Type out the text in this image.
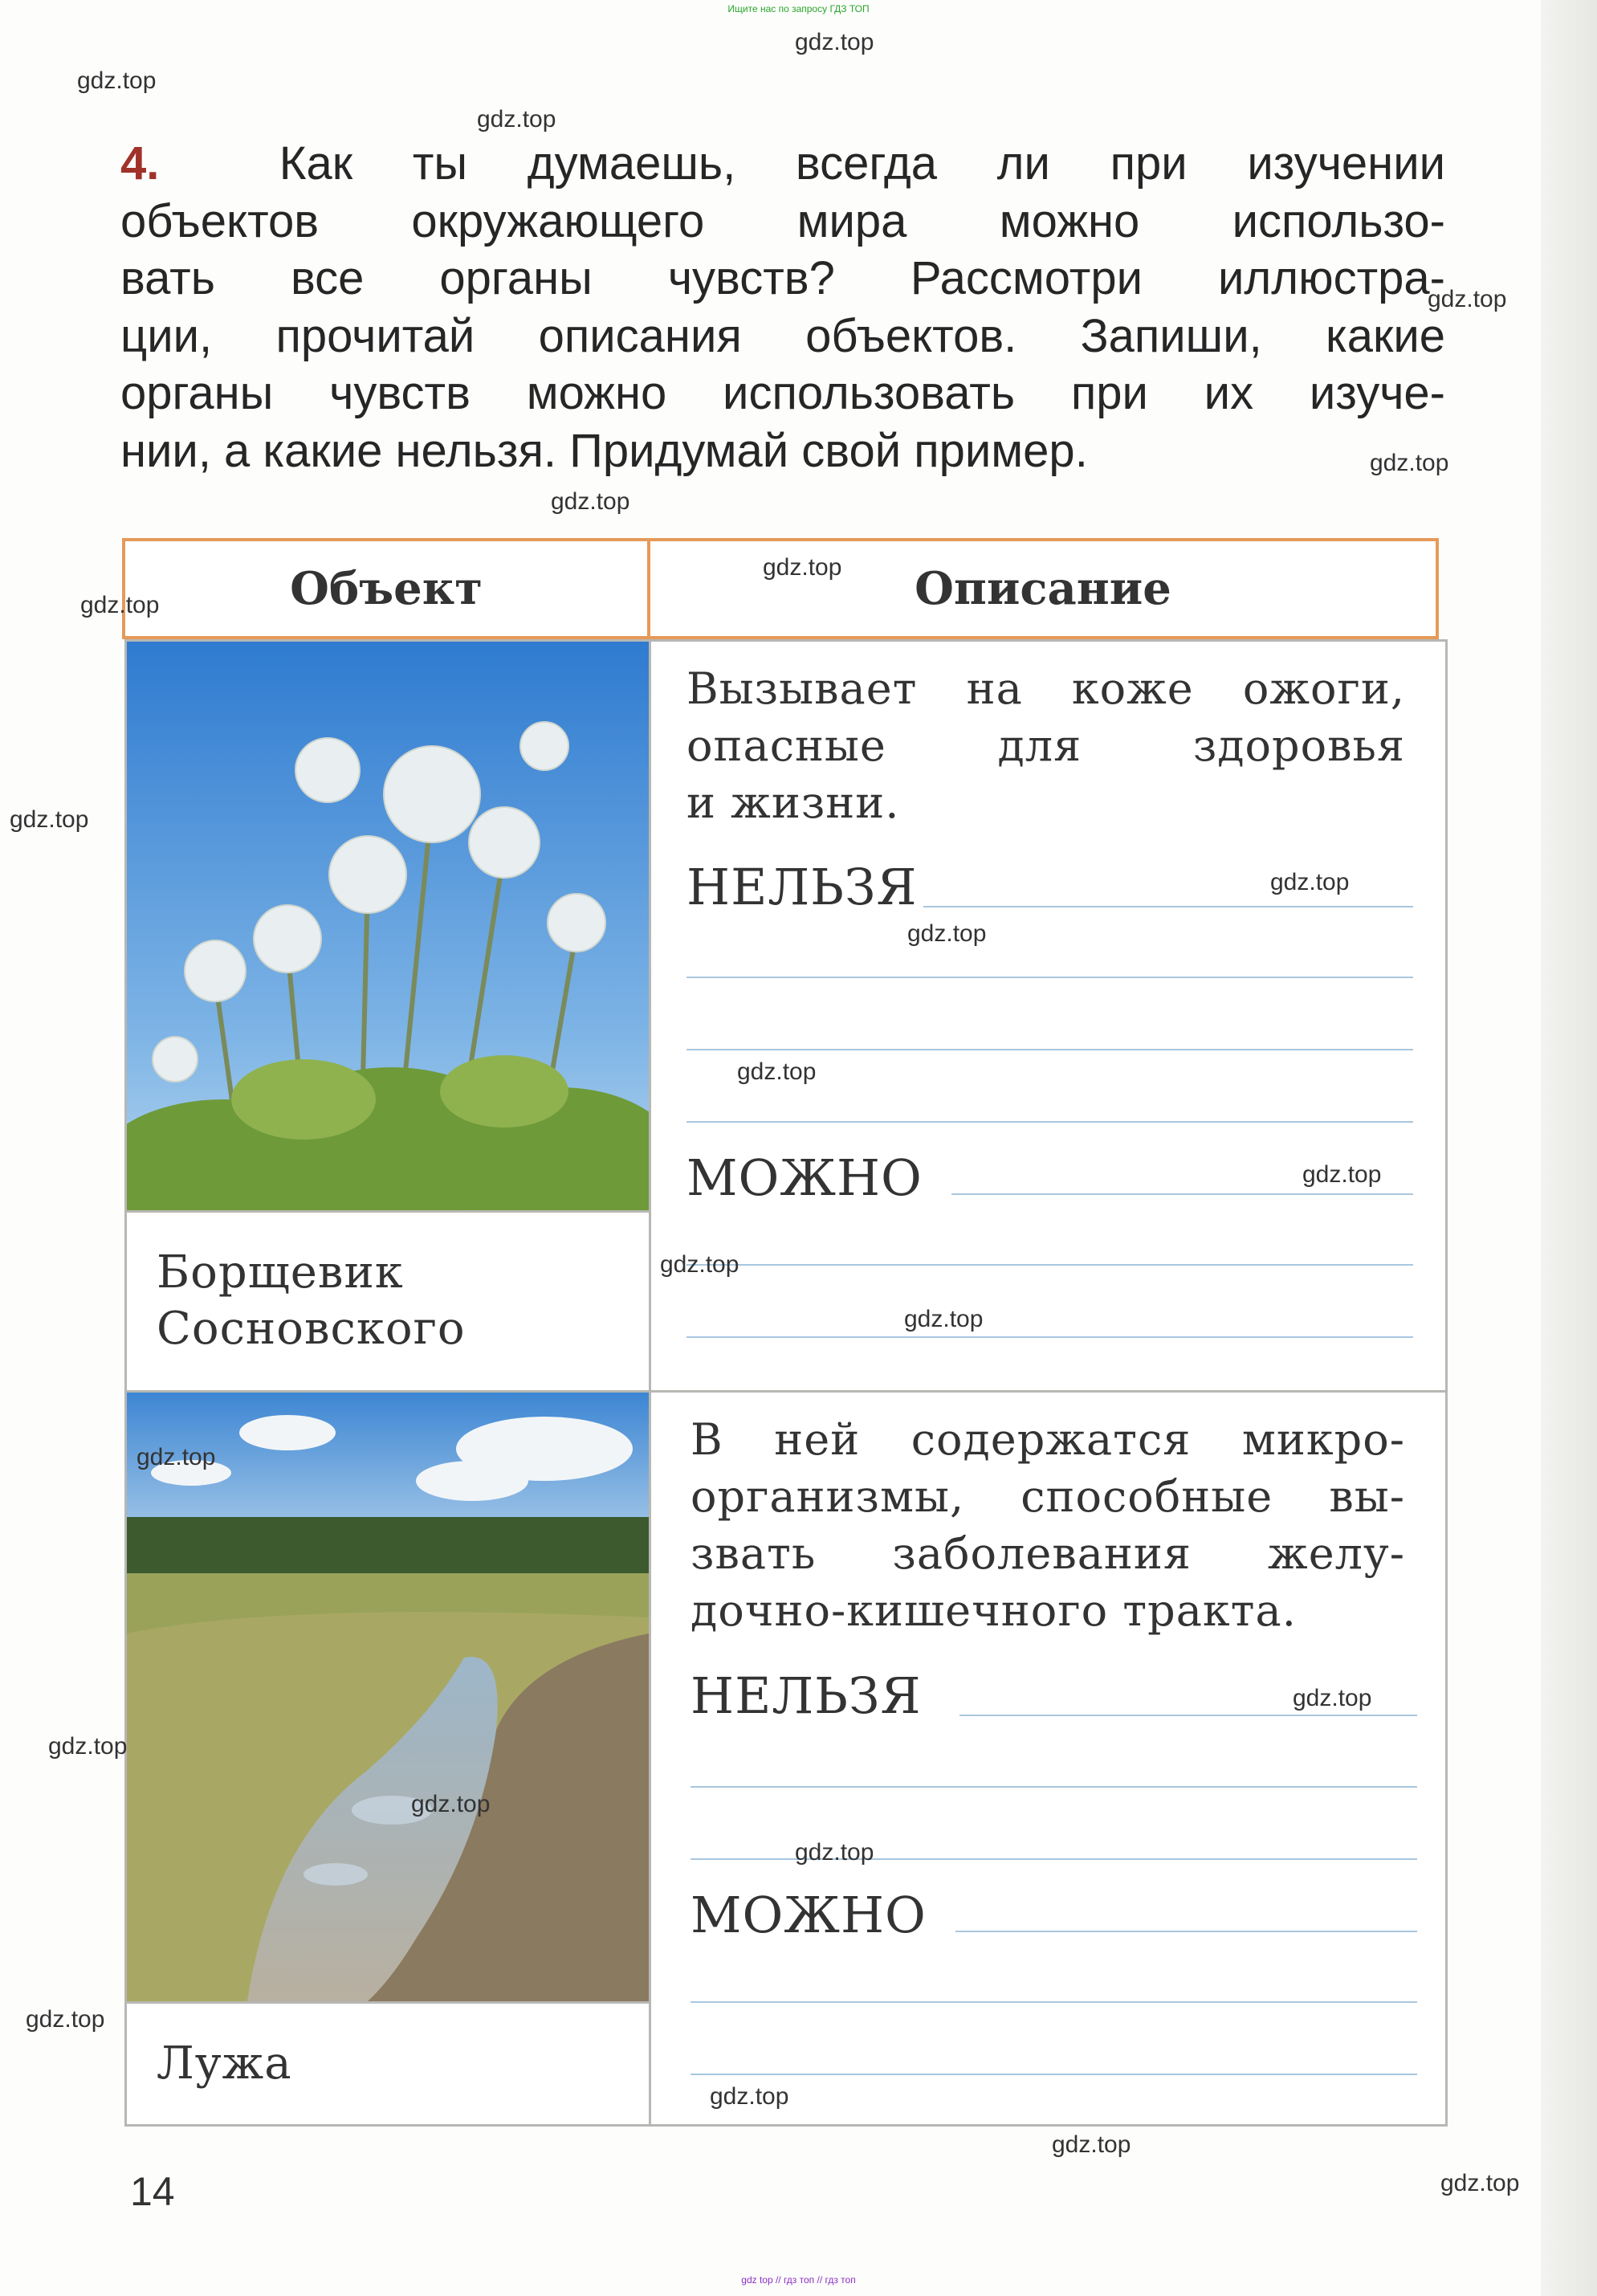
Ищите нас по запросу ГДЗ ТОП
4.	Как ты думаешь, всегда ли при изучении
объектов окружающего мира можно использо-
вать все органы чувств? Рассмотри иллюстра-
ции, прочитай описания объектов. Запиши, какие
органы чувств можно использовать при их изуче-
нии, а какие нельзя. Придумай свой пример.
Объект	Описание
Борщевик
Сосновского
Вызывает на коже ожоги,
опасные для здоровья
и жизни.
НЕЛЬЗЯ
МОЖНО
Лужа
В ней содержатся микро-
организмы, способные вы-
звать заболевания желу-
дочно-кишечного тракта.
НЕЛЬЗЯ
МОЖНО
gdz.top
gdz.top
gdz.top
gdz.top
gdz.top
gdz.top
gdz.top
gdz.top
gdz.top
gdz.top
gdz.top
gdz.top
gdz.top
gdz.top
gdz.top
gdz.top
gdz.top
gdz.top
gdz.top
gdz.top
gdz.top
gdz.top
gdz.top
gdz.top
14
gdz top // гдз топ // гдз топ
